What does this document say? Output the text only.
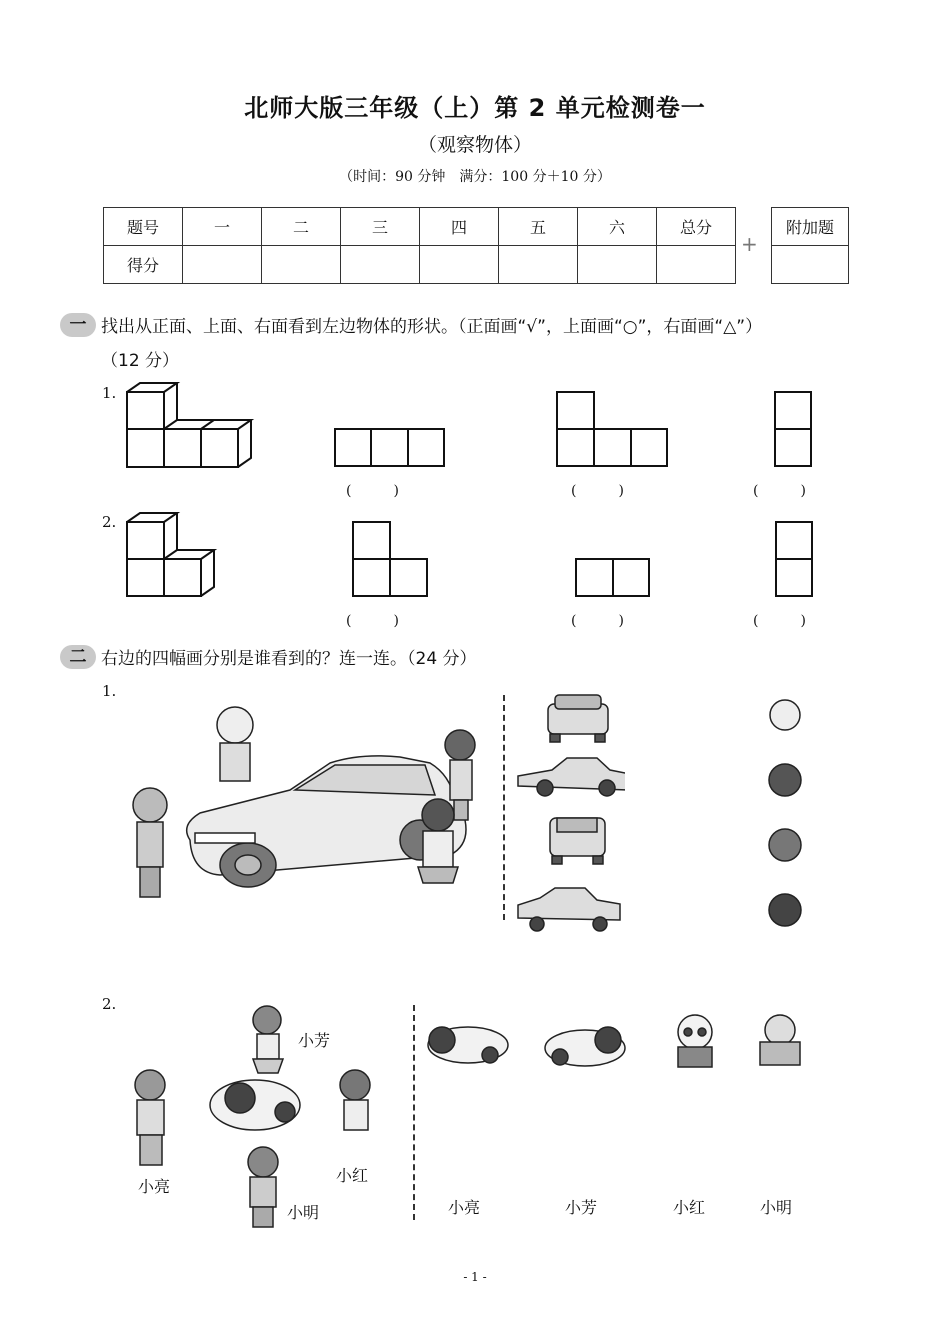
北师大版三年级（上）第 2 单元检测卷一
（观察物体）
（时间：90 分钟　满分：100 分＋10 分）
题号	一	二	三	四	五	六	总分
得分							
+
附加题

一 找出从正面、上面、右面看到左边物体的形状。（正面画“√”，上面画“○”，右面画“△”）
（12 分）
1.
2.
(　　　)	(　　　)	(　　　)
(　　　)	(　　　)	(　　　)
二 右边的四幅画分别是谁看到的？连一连。（24 分）
1.
2.
小芳
小亮
小红
小明	小亮	小芳	小红	小明
- 1 -
